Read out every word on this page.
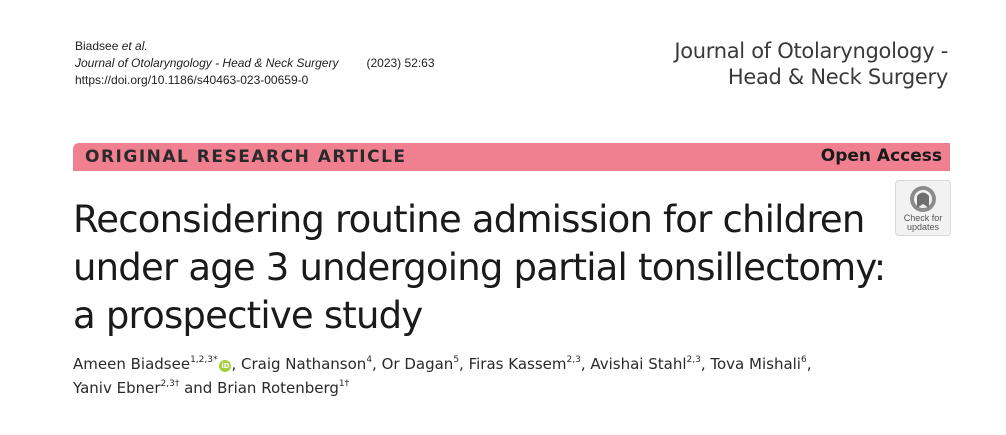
Biadsee et al.
Journal of Otolaryngology - Head & Neck Surgery (2023) 52:63
https://doi.org/10.1186/s40463-023-00659-0
Journal of Otolaryngology -
Head & Neck Surgery
ORIGINAL RESEARCH ARTICLE	Open Access
Reconsidering routine admission for children
under age 3 undergoing partial tonsillectomy:
a prospective study
Check for
updates
Ameen Biadsee$^{1,2,3*}$iD , Craig Nathanson$^4$, Or Dagan$^5$, Firas Kassem$^{2,3}$, Avishai Stahl$^{2,3}$, Tova Mishali$^6$,
Yaniv Ebner$^{2,3\dagger}$ and Brian Rotenberg$^{1\dagger}$
